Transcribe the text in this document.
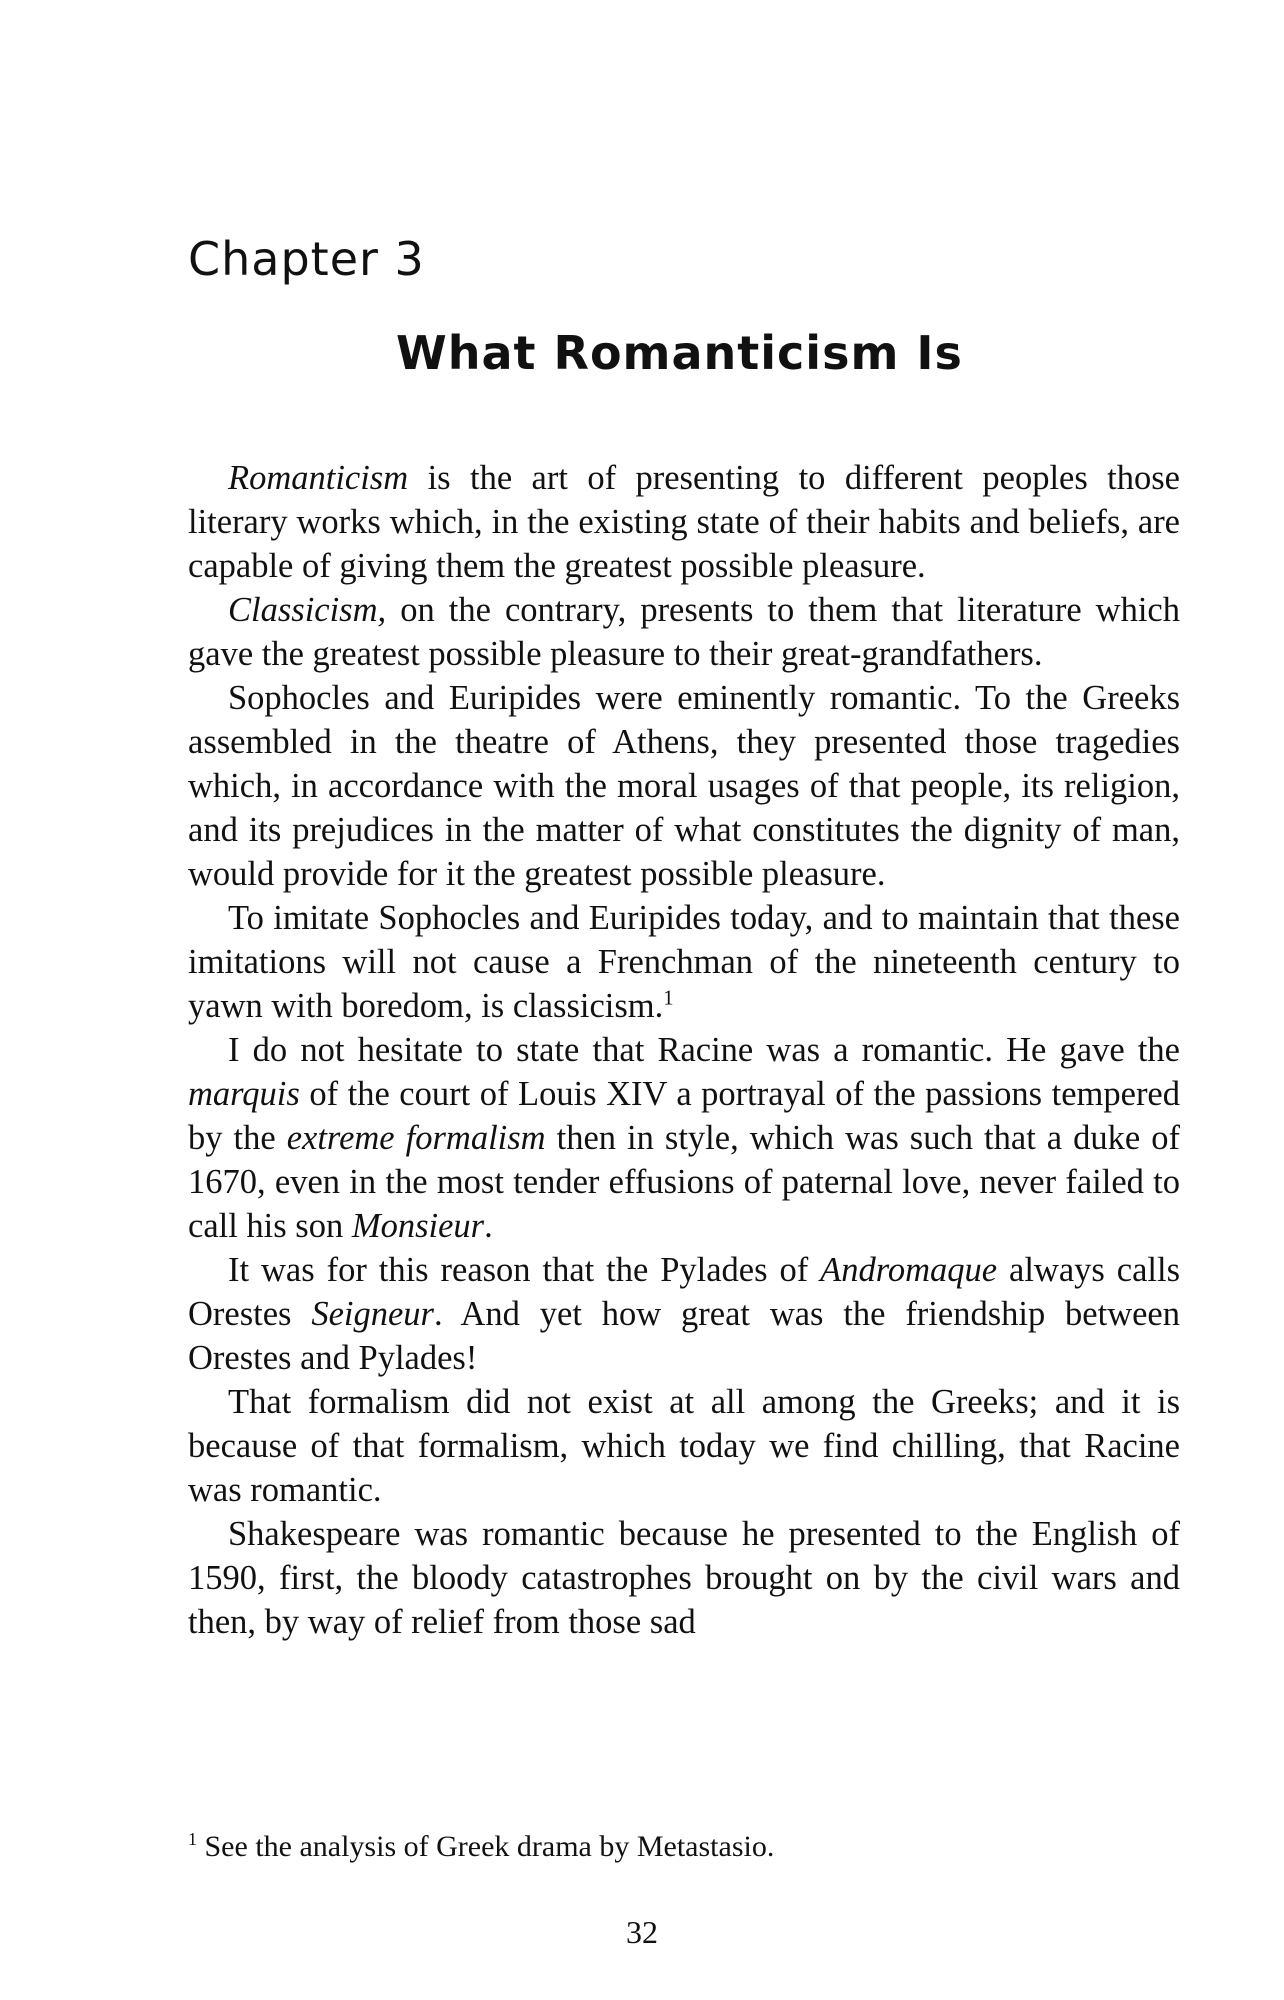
Chapter 3
What Romanticism Is

Romanticism is the art of presenting to different peoples those literary works which, in the existing state of their habits and beliefs, are capable of giving them the greatest possible pleasure.

Classicism, on the contrary, presents to them that literature which gave the greatest possible pleasure to their great-grandfathers.

Sophocles and Euripides were eminently romantic. To the Greeks assembled in the theatre of Athens, they presented those tragedies which, in accordance with the moral usages of that people, its religion, and its prejudices in the matter of what constitutes the dignity of man, would provide for it the greatest possible pleasure.

To imitate Sophocles and Euripides today, and to maintain that these imitations will not cause a Frenchman of the nineteenth century to yawn with boredom, is classicism.$^1$

I do not hesitate to state that Racine was a romantic. He gave the marquis of the court of Louis XIV a portrayal of the passions tempered by the extreme formalism then in style, which was such that a duke of 1670, even in the most tender effusions of paternal love, never failed to call his son Monsieur.

It was for this reason that the Pylades of Andromaque always calls Orestes Seigneur. And yet how great was the friendship between Orestes and Pylades!

That formalism did not exist at all among the Greeks; and it is because of that formalism, which today we find chilling, that Racine was romantic.

Shakespeare was romantic because he presented to the English of 1590, first, the bloody catastrophes brought on by the civil wars and then, by way of relief from those sad

$^1$ See the analysis of Greek drama by Metastasio.

32
